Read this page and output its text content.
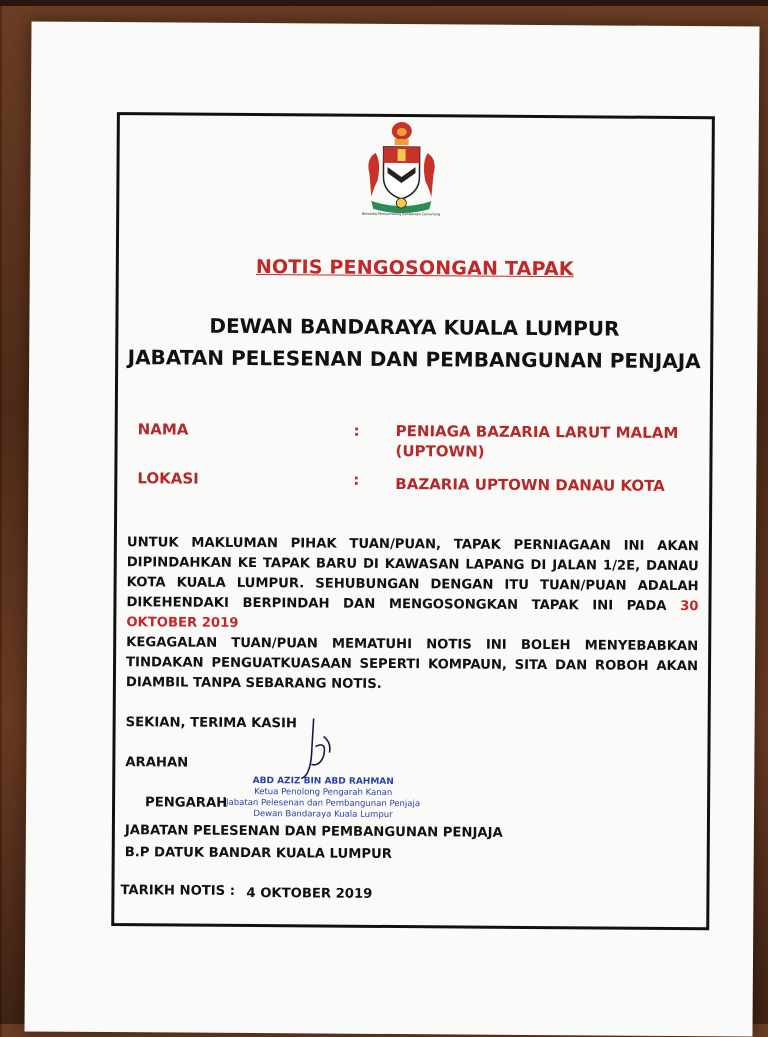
Bersedia Menyumbang Bandaraya Cemerlang
NOTIS PENGOSONGAN TAPAK
DEWAN BANDARAYA KUALA LUMPUR
JABATAN PELESENAN DAN PEMBANGUNAN PENJAJA
NAMA	: PENIAGA BAZARIA LARUT MALAM
(UPTOWN)
LOKASI	: BAZARIA UPTOWN DANAU KOTA
UNTUK MAKLUMAN PIHAK TUAN/PUAN, TAPAK PERNIAGAAN INI AKAN DIPINDAHKAN KE TAPAK BARU DI KAWASAN LAPANG DI JALAN 1/2E, DANAU KOTA KUALA LUMPUR. SEHUBUNGAN DENGAN ITU TUAN/PUAN ADALAH DIKEHENDAKI BERPINDAH DAN MENGOSONGKAN TAPAK INI PADA 30 OKTOBER 2019
KEGAGALAN TUAN/PUAN MEMATUHI NOTIS INI BOLEH MENYEBABKAN TINDAKAN PENGUATKUASAAN SEPERTI KOMPAUN, SITA DAN ROBOH AKAN DIAMBIL TANPA SEBARANG NOTIS.
SEKIAN, TERIMA KASIH
ARAHAN
PENGARAH
ABD AZIZ BIN ABD RAHMAN
Ketua Penolong Pengarah Kanan
Jabatan Pelesenan dan Pembangunan Penjaja
Dewan Bandaraya Kuala Lumpur
JABATAN PELESENAN DAN PEMBANGUNAN PENJAJA
B.P DATUK BANDAR KUALA LUMPUR
TARIKH NOTIS : 4 OKTOBER 2019
